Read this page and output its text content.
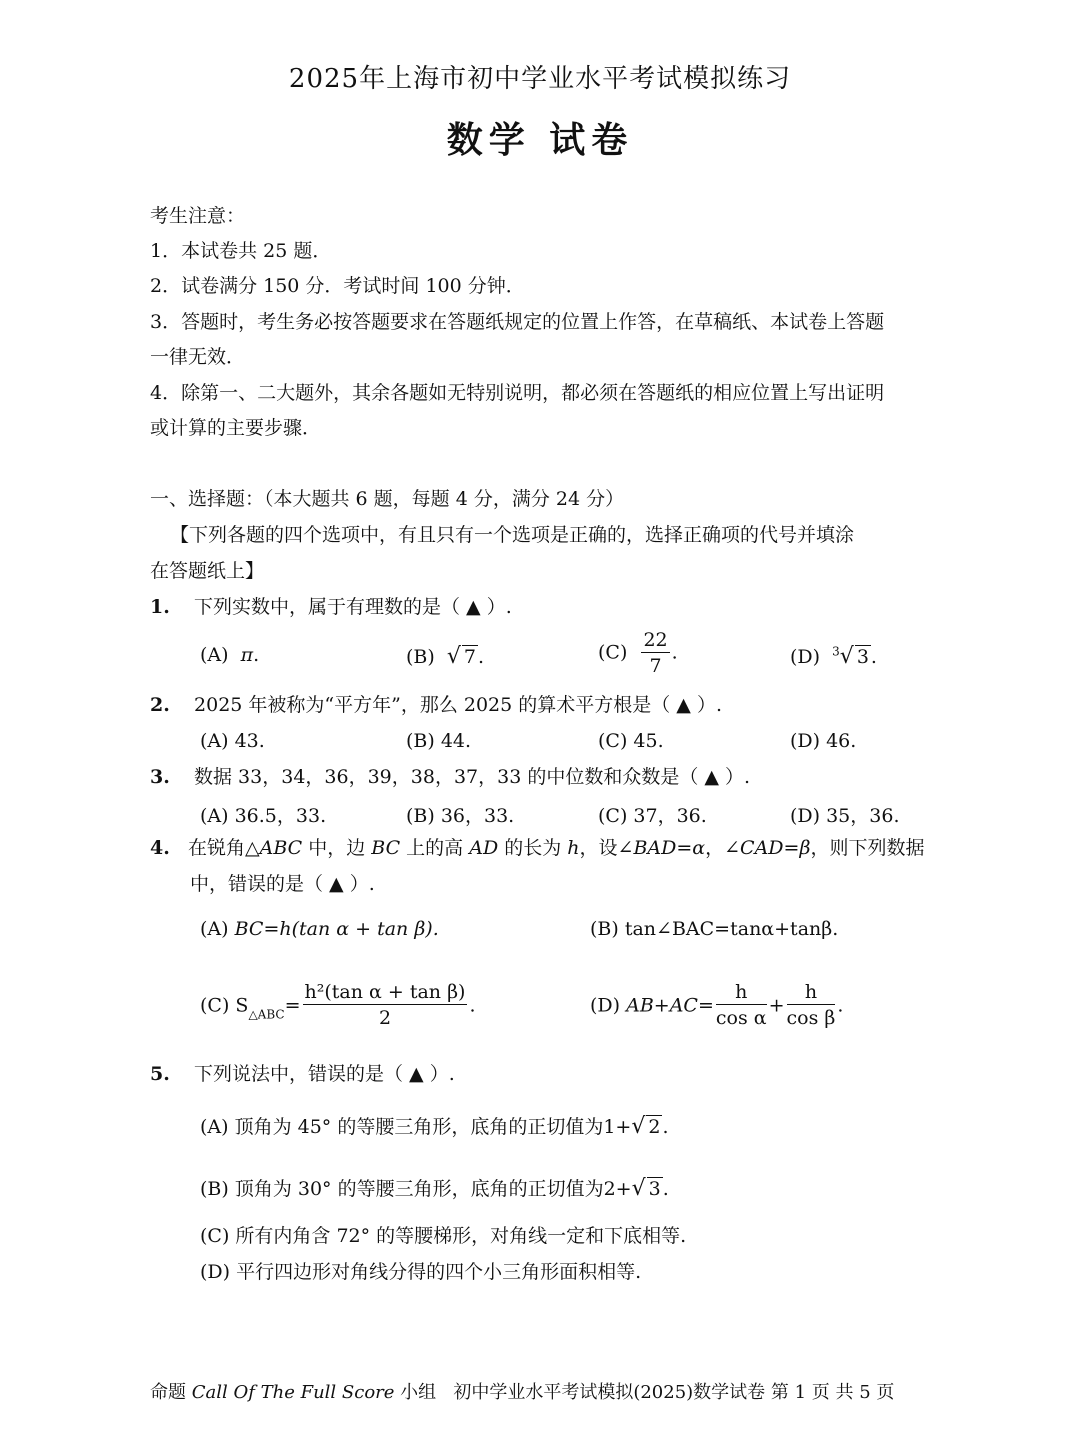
2025年上海市初中学业水平考试模拟练习
数学 试卷
考生注意：
1．本试卷共 25 题．
2．试卷满分 150 分．考试时间 100 分钟．
3．答题时，考生务必按答题要求在答题纸规定的位置上作答，在草稿纸、本试卷上答题
一律无效．
4．除第一、二大题外，其余各题如无特别说明，都必须在答题纸的相应位置上写出证明
或计算的主要步骤．
一、选择题：（本大题共 6 题，每题 4 分，满分 24 分）
【下列各题的四个选项中，有且只有一个选项是正确的，选择正确项的代号并填涂
在答题纸上】
1. 下列实数中，属于有理数的是（ ▲ ）.
(A) π.	(B) √ 7 .	$(C) \frac{22}{7}$ .	(D) $^3$√ 3 .
2. 2025 年被称为“平方年”，那么 2025 的算术平方根是（ ▲ ）.
(A) 43.	(B) 44.	(C) 45.	(D) 46.
3. 数据 33，34，36，39，38，37，33 的中位数和众数是（ ▲ ）.
(A) 36.5，33.	(B) 36，33.	(C) 37，36.	(D) 35，36.
4. 在锐角△ABC 中，边 BC 上的高 AD 的长为 h，设∠BAD=α，∠CAD=β，则下列数据
中，错误的是（ ▲ ）.
(A) BC=h(tan α + tan β).	(B) tan∠BAC=tanα+tanβ.
(C) $S_{\triangle ABC}= \frac{\text{h²(tan α + tan β)}}{2}$ .	(D) $AB+AC= \frac{h}{\text{cos α}} + \frac{h}{\text{cos β}}$ .
5. 下列说法中，错误的是（ ▲ ）.
(A) 顶角为 45° 的等腰三角形，底角的正切值为1+√ 2 .
(B) 顶角为 30° 的等腰三角形，底角的正切值为2+√ 3 .
(C) 所有内角含 72° 的等腰梯形，对角线一定和下底相等.
(D) 平行四边形对角线分得的四个小三角形面积相等.
命题 Call Of The Full Score 小组 初中学业水平考试模拟(2025)数学试卷 第 1 页 共 5 页
